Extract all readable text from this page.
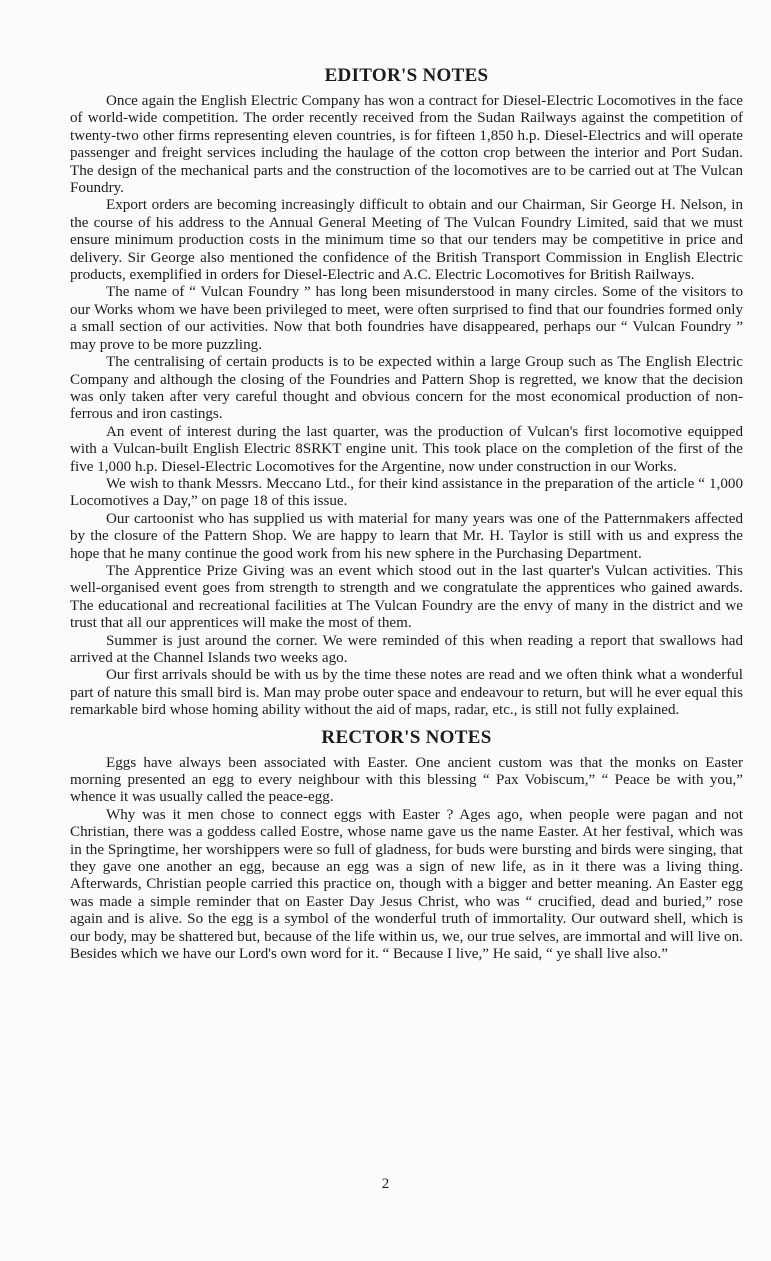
EDITOR'S NOTES

Once again the English Electric Company has won a contract for Diesel-Electric Locomotives in the face of world-wide competition. The order recently received from the Sudan Railways against the competition of twenty-two other firms representing eleven countries, is for fifteen 1,850 h.p. Diesel-Electrics and will operate passenger and freight services including the haulage of the cotton crop between the interior and Port Sudan. The design of the mechanical parts and the construction of the locomotives are to be carried out at The Vulcan Foundry.

Export orders are becoming increasingly difficult to obtain and our Chairman, Sir George H. Nelson, in the course of his address to the Annual General Meeting of The Vulcan Foundry Limited, said that we must ensure minimum production costs in the minimum time so that our tenders may be competitive in price and delivery. Sir George also mentioned the confidence of the British Transport Commission in English Electric products, exemplified in orders for Diesel-Electric and A.C. Electric Locomotives for British Railways.

The name of “ Vulcan Foundry ” has long been misunderstood in many circles. Some of the visitors to our Works whom we have been privileged to meet, were often surprised to find that our foundries formed only a small section of our activities. Now that both foundries have disappeared, perhaps our “ Vulcan Foundry ” may prove to be more puzzling.

The centralising of certain products is to be expected within a large Group such as The English Electric Company and although the closing of the Foundries and Pattern Shop is regretted, we know that the decision was only taken after very careful thought and obvious concern for the most economical production of non-ferrous and iron castings.

An event of interest during the last quarter, was the production of Vulcan's first locomotive equipped with a Vulcan-built English Electric 8SRKT engine unit. This took place on the completion of the first of the five 1,000 h.p. Diesel-Electric Locomotives for the Argentine, now under construction in our Works.

We wish to thank Messrs. Meccano Ltd., for their kind assistance in the preparation of the article “ 1,000 Locomotives a Day,” on page 18 of this issue.

Our cartoonist who has supplied us with material for many years was one of the Patternmakers affected by the closure of the Pattern Shop. We are happy to learn that Mr. H. Taylor is still with us and express the hope that he many continue the good work from his new sphere in the Purchasing Department.

The Apprentice Prize Giving was an event which stood out in the last quarter's Vulcan activities. This well-organised event goes from strength to strength and we congratulate the apprentices who gained awards. The educational and recreational facilities at The Vulcan Foundry are the envy of many in the district and we trust that all our apprentices will make the most of them.

Summer is just around the corner. We were reminded of this when reading a report that swallows had arrived at the Channel Islands two weeks ago.

Our first arrivals should be with us by the time these notes are read and we often think what a wonderful part of nature this small bird is. Man may probe outer space and endeavour to return, but will he ever equal this remarkable bird whose homing ability without the aid of maps, radar, etc., is still not fully explained.

RECTOR'S NOTES

Eggs have always been associated with Easter. One ancient custom was that the monks on Easter morning presented an egg to every neighbour with this blessing “ Pax Vobiscum,” “ Peace be with you,” whence it was usually called the peace-egg.

Why was it men chose to connect eggs with Easter ? Ages ago, when people were pagan and not Christian, there was a goddess called Eostre, whose name gave us the name Easter. At her festival, which was in the Springtime, her worshippers were so full of gladness, for buds were bursting and birds were singing, that they gave one another an egg, because an egg was a sign of new life, as in it there was a living thing. Afterwards, Christian people carried this practice on, though with a bigger and better meaning. An Easter egg was made a simple reminder that on Easter Day Jesus Christ, who was “ crucified, dead and buried,” rose again and is alive. So the egg is a symbol of the wonderful truth of immortality. Our outward shell, which is our body, may be shattered but, because of the life within us, we, our true selves, are immortal and will live on. Besides which we have our Lord's own word for it. “ Because I live,” He said, “ ye shall live also.”

2
